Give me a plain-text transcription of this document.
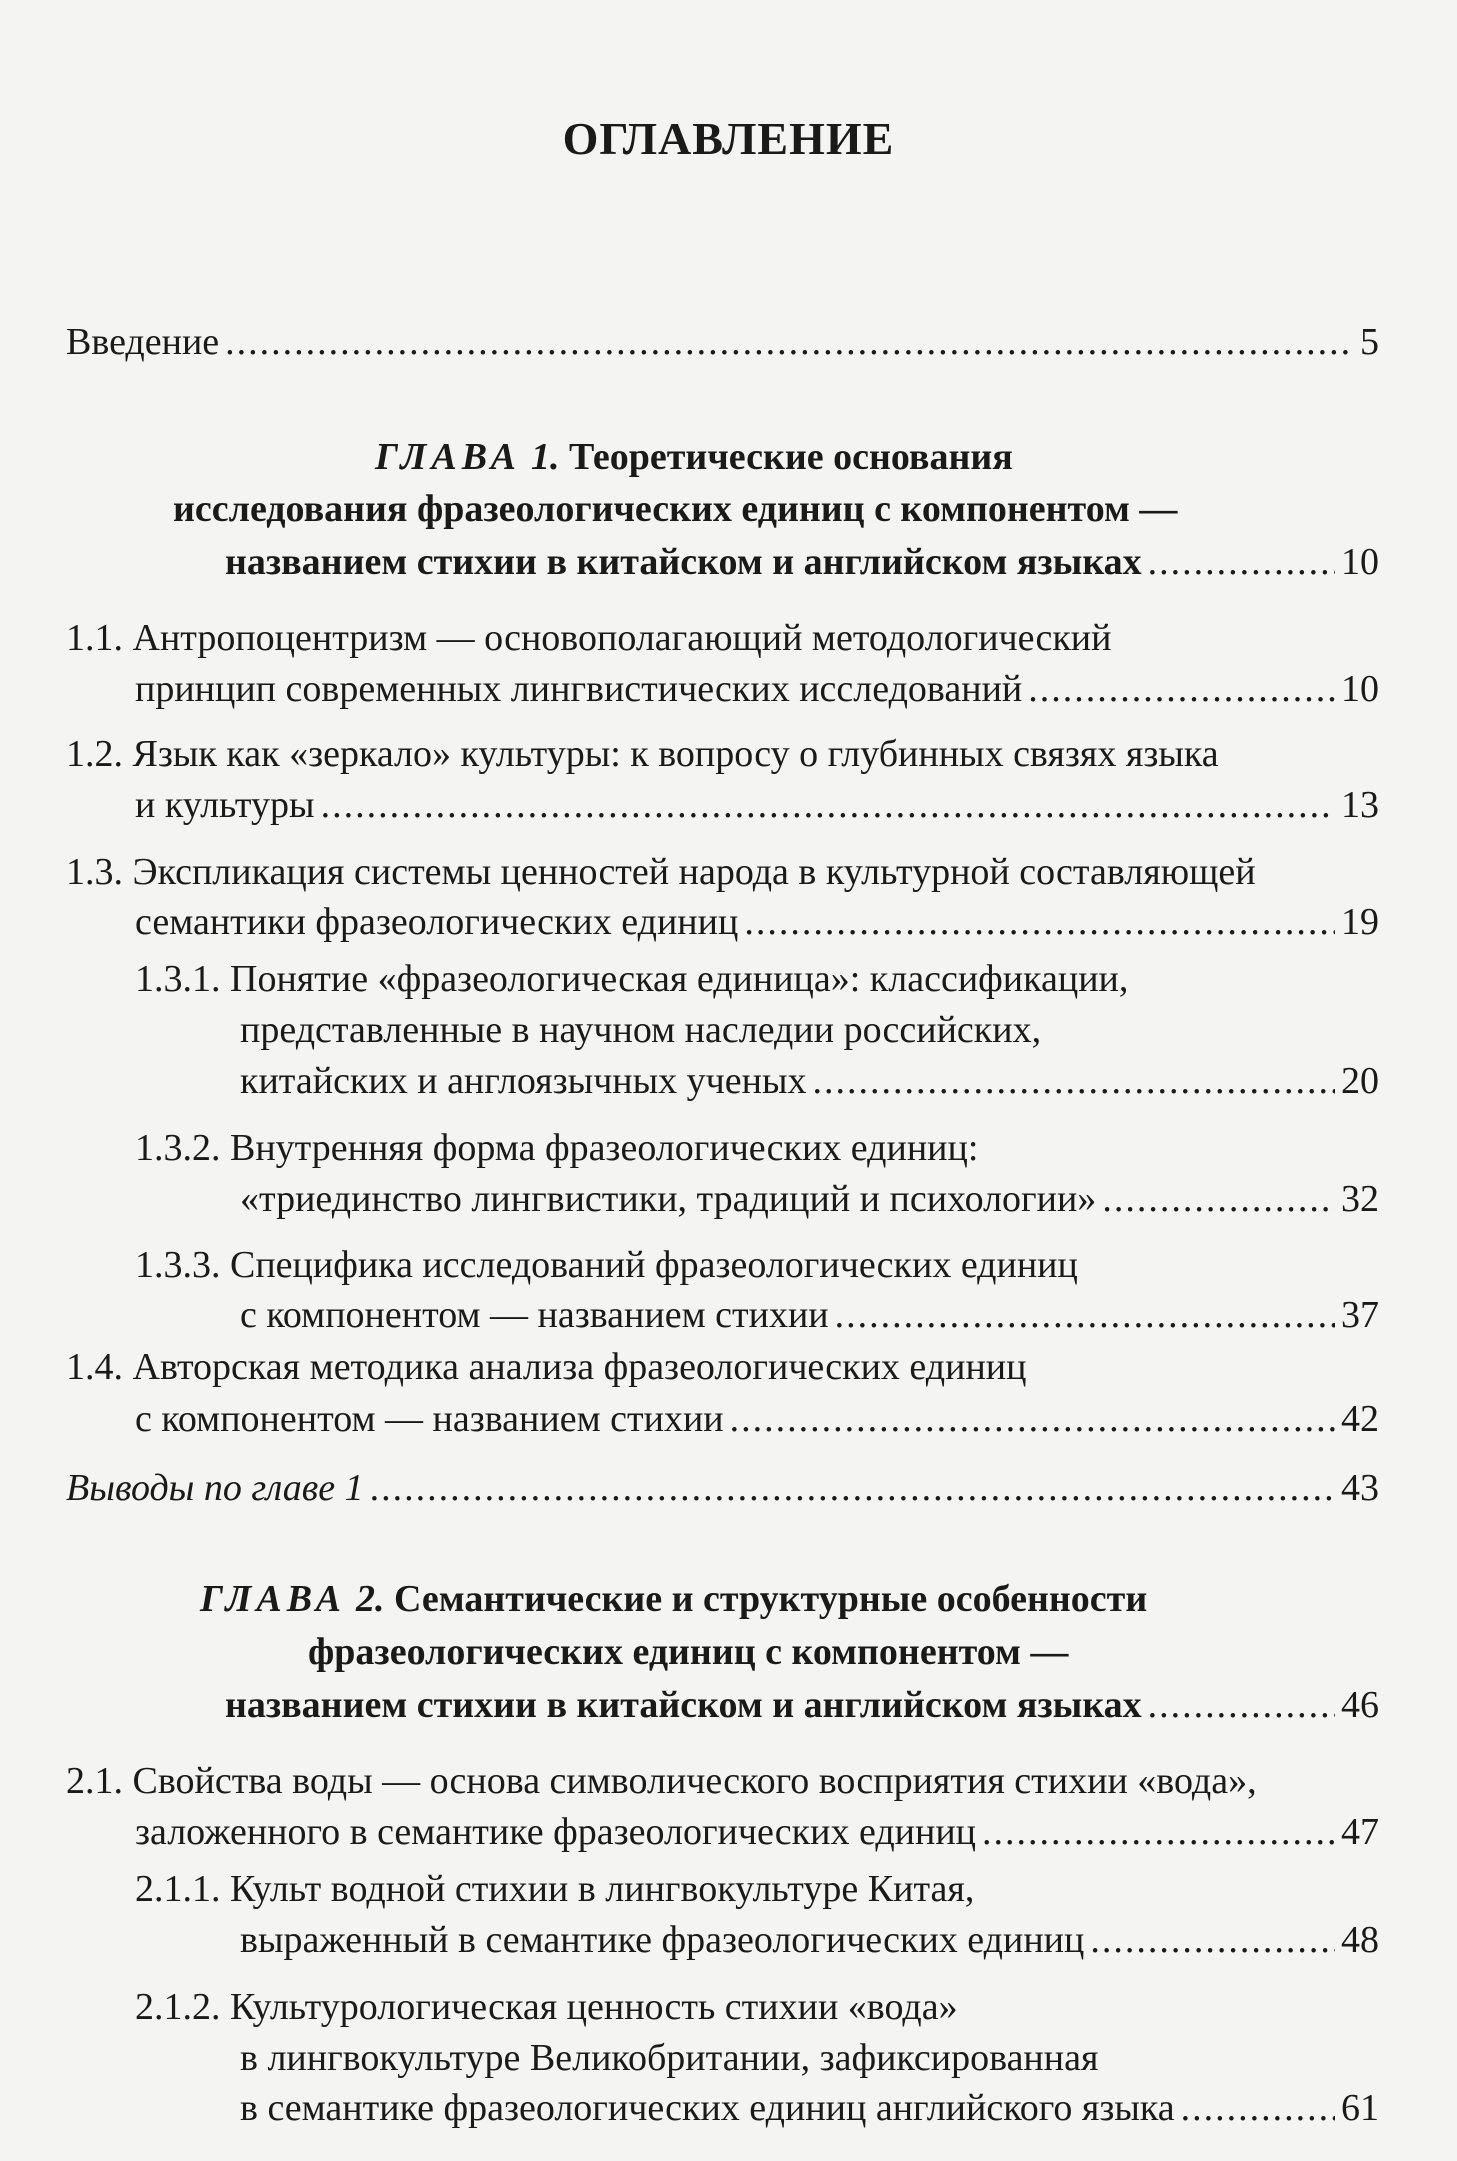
ОГЛАВЛЕНИЕ
Введение .....	5
ГЛАВА 1. Теоретические основания
исследования фразеологических единиц с компонентом —
названием стихии в китайском и английском языках .....	10
1.1. Антропоцентризм — основополагающий методологический
принцип современных лингвистических исследований .....	10
1.2. Язык как «зеркало» культуры: к вопросу о глубинных связях языка
и культуры .....	13
1.3. Экспликация системы ценностей народа в культурной составляющей
семантики фразеологических единиц .....	19
1.3.1. Понятие «фразеологическая единица»: классификации,
представленные в научном наследии российских,
китайских и англоязычных ученых .....	20
1.3.2. Внутренняя форма фразеологических единиц:
«триединство лингвистики, традиций и психологии» .....	32
1.3.3. Специфика исследований фразеологических единиц
с компонентом — названием стихии .....	37
1.4. Авторская методика анализа фразеологических единиц
с компонентом — названием стихии .....	42
Выводы по главе 1 .....	43
ГЛАВА 2. Семантические и структурные особенности
фразеологических единиц с компонентом —
названием стихии в китайском и английском языках .....	46
2.1. Свойства воды — основа символического восприятия стихии «вода»,
заложенного в семантике фразеологических единиц .....	47
2.1.1. Культ водной стихии в лингвокультуре Китая,
выраженный в семантике фразеологических единиц .....	48
2.1.2. Культурологическая ценность стихии «вода»
в лингвокультуре Великобритании, зафиксированная
в семантике фразеологических единиц английского языка .....	61
